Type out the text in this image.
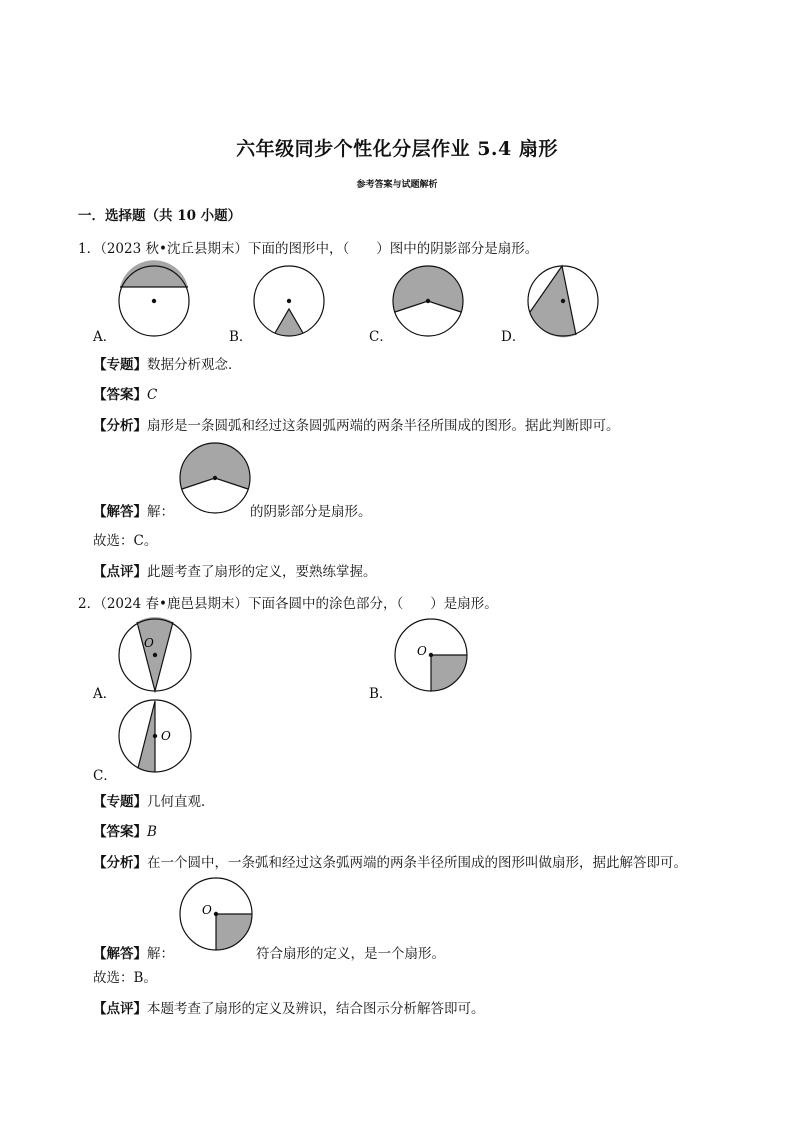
六年级同步个性化分层作业 5.4 扇形
参考答案与试题解析
一．选择题（共 10 小题）
1．（2023 秋•沈丘县期末）下面的图形中，（　　）图中的阴影部分是扇形。
A．	B．	C．	D．
【专题】数据分析观念．
【答案】C
【分析】扇形是一条圆弧和经过这条圆弧两端的两条半径所围成的图形。据此判断即可。
【解答】解：	的阴影部分是扇形。
故选：C。
【点评】此题考查了扇形的定义，要熟练掌握。
2．（2024 春•鹿邑县期末）下面各圆中的涂色部分，（　　）是扇形。
O
A．
O
B．
O
C．
【专题】几何直观．
【答案】B
【分析】在一个圆中，一条弧和经过这条弧两端的两条半径所围成的图形叫做扇形，据此解答即可。
O
【解答】解：	符合扇形的定义，是一个扇形。
故选：B。
【点评】本题考查了扇形的定义及辨识，结合图示分析解答即可。
